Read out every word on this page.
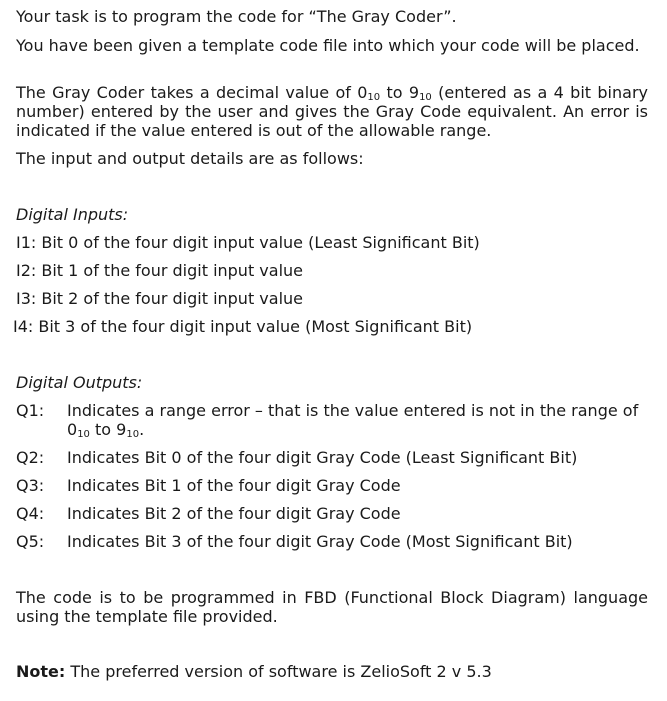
Your task is to program the code for “The Gray Coder”.

You have been given a template code file into which your code will be placed.

The Gray Coder takes a decimal value of $0_{10}$ to $9_{10}$ (entered as a 4 bit binary number) entered by the user and gives the Gray Code equivalent. An error is indicated if the value entered is out of the allowable range.

The input and output details are as follows:

Digital Inputs:

I1: Bit 0 of the four digit input value (Least Significant Bit)

I2: Bit 1 of the four digit input value

I3: Bit 2 of the four digit input value

I4: Bit 3 of the four digit input value (Most Significant Bit)

Digital Outputs:

Q1:	Indicates a range error – that is the value entered is not in the range of $0_{10}$ to $9_{10}$.
Q2:	Indicates Bit 0 of the four digit Gray Code (Least Significant Bit)
Q3:	Indicates Bit 1 of the four digit Gray Code
Q4:	Indicates Bit 2 of the four digit Gray Code
Q5:	Indicates Bit 3 of the four digit Gray Code (Most Significant Bit)

The code is to be programmed in FBD (Functional Block Diagram) language using the template file provided.

Note: The preferred version of software is ZelioSoft 2 v 5.3
